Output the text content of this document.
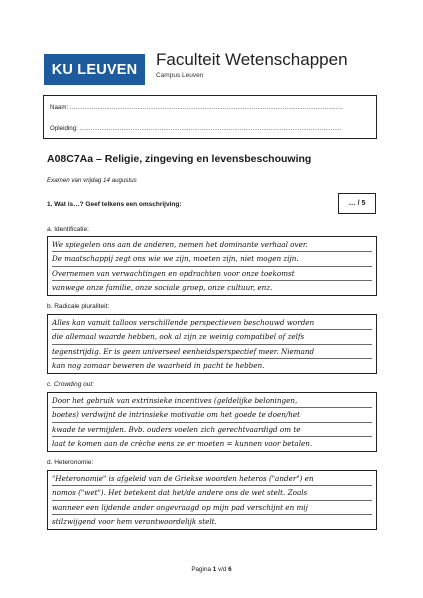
KU LEUVEN
Faculteit Wetenschappen
Campus Leuven
Naam: ......................................................................................................................................................
Opleiding: ................................................................................................................................................
A08C7Aa – Religie, zingeving en levensbeschouwing
Examen van vrijdag 14 augustus
1. Wat is…? Geef telkens een omschrijving:	… / 5
a. Identificatie:
We spiegelen ons aan de anderen, nemen het dominante verhaal over.
De maatschappij zegt ons wie we zijn, moeten zijn, niet mogen zijn.
Overnemen van verwachtingen en opdrachten voor onze toekomst
vanwege onze familie, onze sociale groep, onze cultuur, enz.
b. Radicale pluraliteit:
Alles kan vanuit talloos verschillende perspectieven beschouwd worden
die allemaal waarde hebben, ook al zijn ze weinig compatibel of zelfs
tegenstrijdig. Er is geen universeel eenheidsperspectief meer. Niemand
kan nog zomaar beweren de waarheid in pacht te hebben.
c. Crowding out:
Door het gebruik van extrinsieke incentives (geldelijke beloningen,
boetes) verdwijnt de intrinsieke motivatie om het goede te doen/het
kwade te vermijden. Bvb. ouders voelen zich gerechtvaardigd om te
laat te komen aan de crèche eens ze er moeten = kunnen voor betalen.
d. Heteronomie:
"Heteronomie" is afgeleid van de Griekse woorden heteros ("ander") en
nomos ("wet"). Het betekent dat het/de andere ons de wet stelt. Zoals
wanneer een lijdende ander ongevraagd op mijn pad verschijnt en mij
stilzwijgend voor hem verantwoordelijk stelt.
Pagina 1 v/d 6
